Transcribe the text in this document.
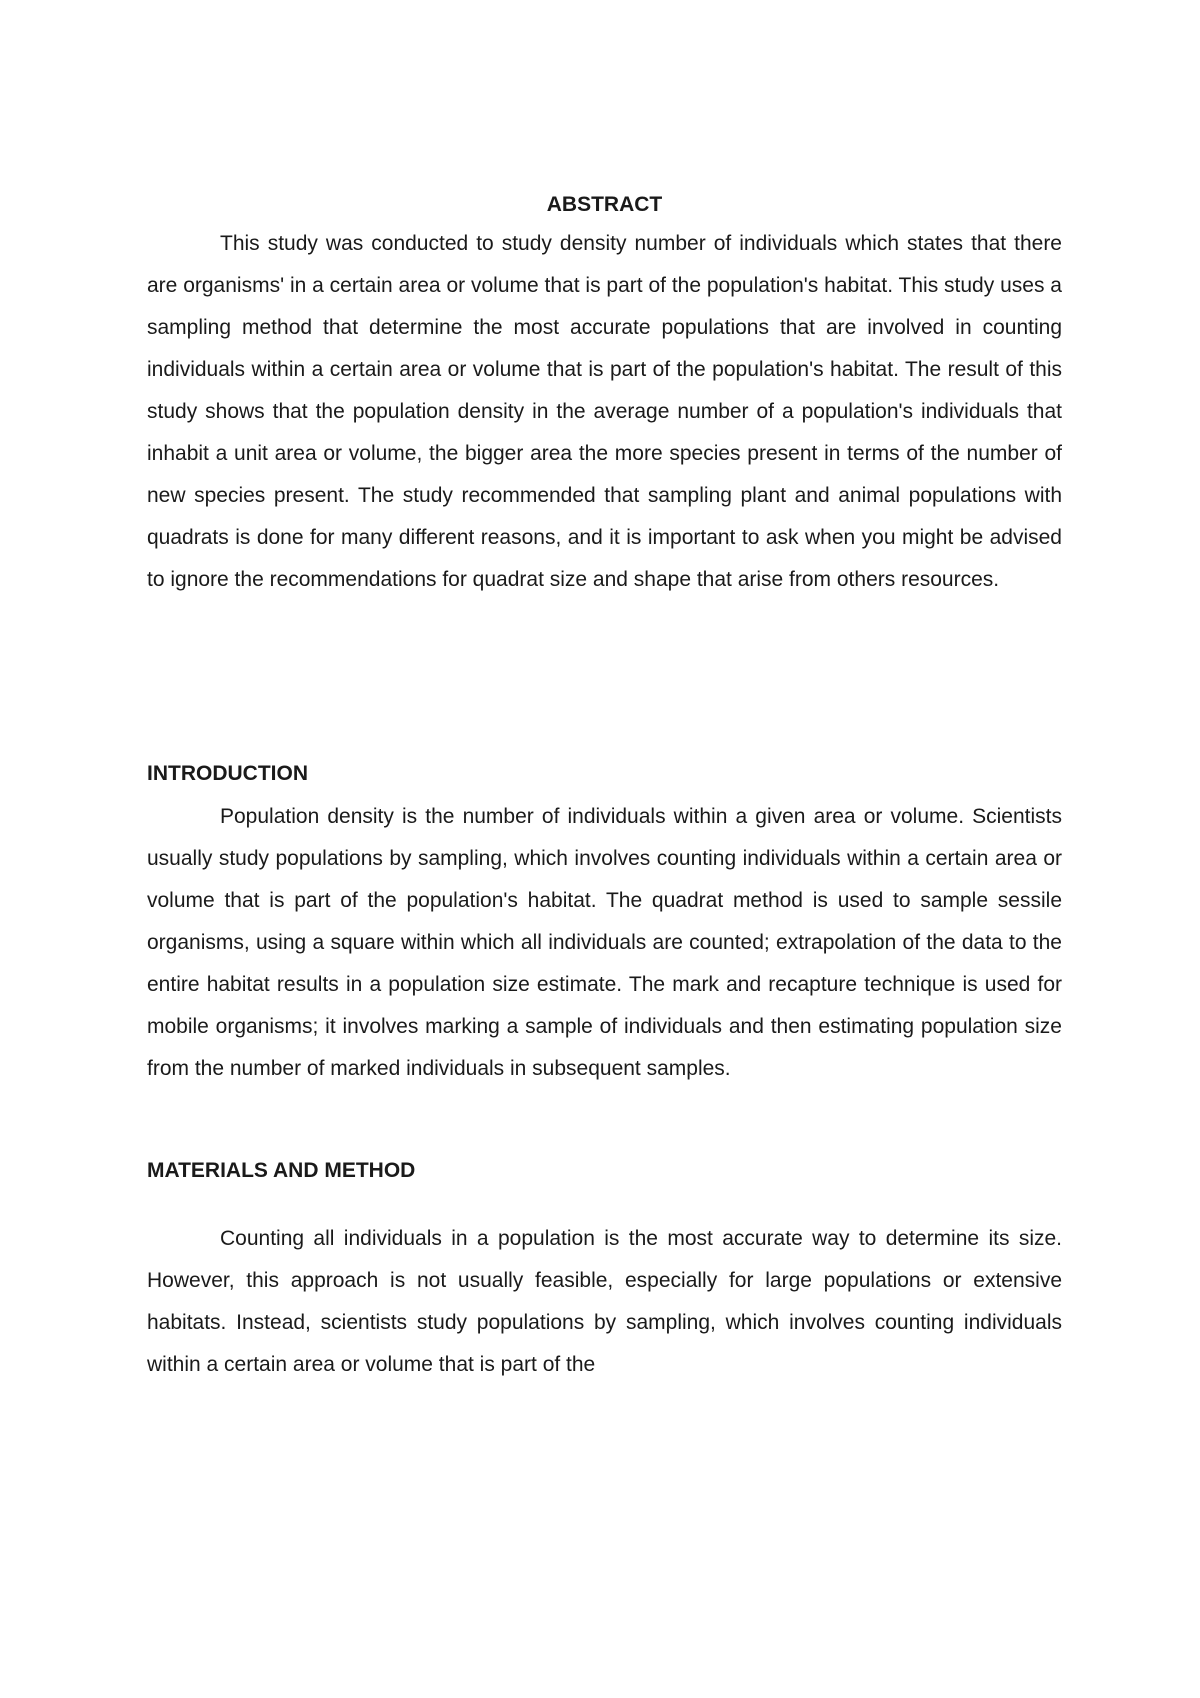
ABSTRACT

This study was conducted to study density number of individuals which states that there are organisms' in a certain area or volume that is part of the population's habitat. This study uses a sampling method that determine the most accurate populations that are involved in counting individuals within a certain area or volume that is part of the population's habitat. The result of this study shows that the population density in the average number of a population's individuals that inhabit a unit area or volume, the bigger area the more species present in terms of the number of new species present. The study recommended that sampling plant and animal populations with quadrats is done for many different reasons, and it is important to ask when you might be advised to ignore the recommendations for quadrat size and shape that arise from others resources.

INTRODUCTION

Population density is the number of individuals within a given area or volume. Scientists usually study populations by sampling, which involves counting individuals within a certain area or volume that is part of the population's habitat. The quadrat method is used to sample sessile organisms, using a square within which all individuals are counted; extrapolation of the data to the entire habitat results in a population size estimate. The mark and recapture technique is used for mobile organisms; it involves marking a sample of individuals and then estimating population size from the number of marked individuals in subsequent samples.

MATERIALS AND METHOD

Counting all individuals in a population is the most accurate way to determine its size. However, this approach is not usually feasible, especially for large populations or extensive habitats. Instead, scientists study populations by sampling, which involves counting individuals within a certain area or volume that is part of the
